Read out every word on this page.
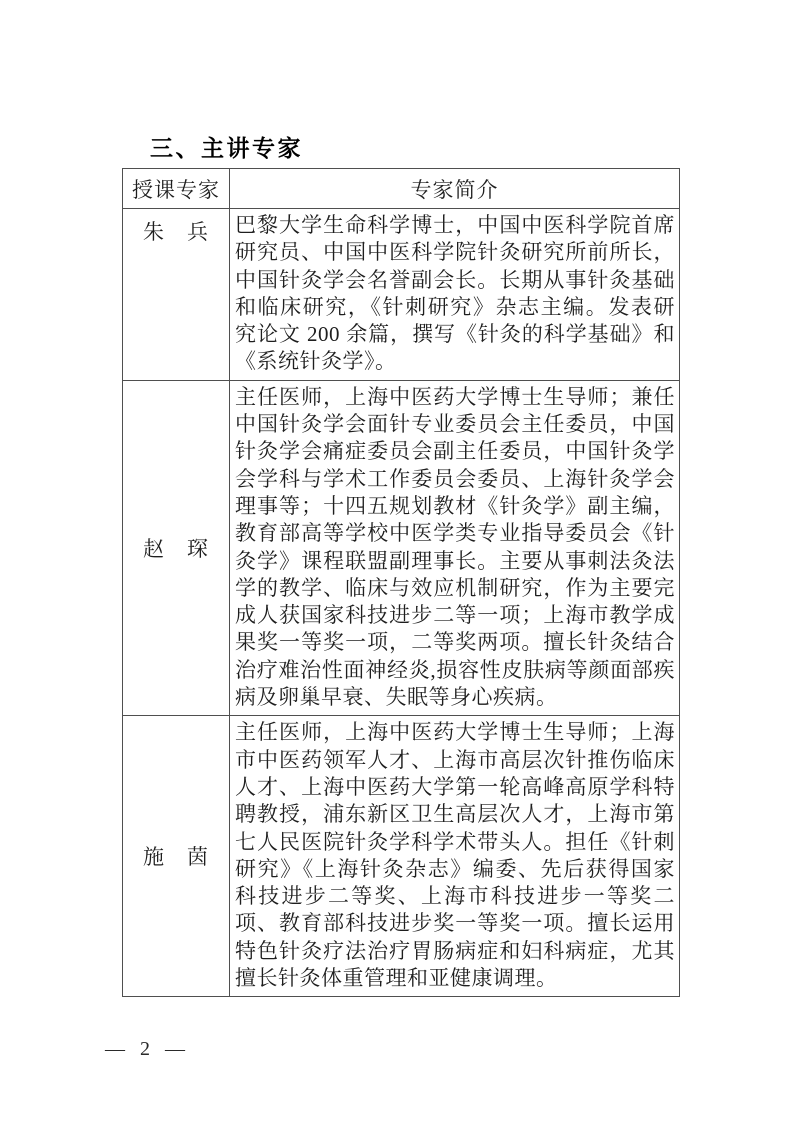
三、主讲专家
授课专家	专家简介
朱　兵	巴黎大学生命科学博士，中国中医科学院首席研究员、中国中医科学院针灸研究所前所长，中国针灸学会名誉副会长。长期从事针灸基础和临床研究，《针刺研究》杂志主编。发表研究论文 200 余篇，撰写《针灸的科学基础》和《系统针灸学》。
赵　琛	主任医师，上海中医药大学博士生导师；兼任中国针灸学会面针专业委员会主任委员，中国针灸学会痛症委员会副主任委员，中国针灸学会学科与学术工作委员会委员、上海针灸学会理事等；十四五规划教材《针灸学》副主编，教育部高等学校中医学类专业指导委员会《针灸学》课程联盟副理事长。主要从事刺法灸法学的教学、临床与效应机制研究，作为主要完成人获国家科技进步二等一项；上海市教学成果奖一等奖一项，二等奖两项。擅长针灸结合治疗难治性面神经炎,损容性皮肤病等颜面部疾病及卵巢早衰、失眠等身心疾病。
施　茵	主任医师，上海中医药大学博士生导师；上海市中医药领军人才、上海市高层次针推伤临床人才、上海中医药大学第一轮高峰高原学科特聘教授，浦东新区卫生高层次人才，上海市第七人民医院针灸学科学术带头人。担任《针刺研究》《上海针灸杂志》编委、先后获得国家科技进步二等奖、上海市科技进步一等奖二项、教育部科技进步奖一等奖一项。擅长运用特色针灸疗法治疗胃肠病症和妇科病症，尤其擅长针灸体重管理和亚健康调理。
— 2 —
